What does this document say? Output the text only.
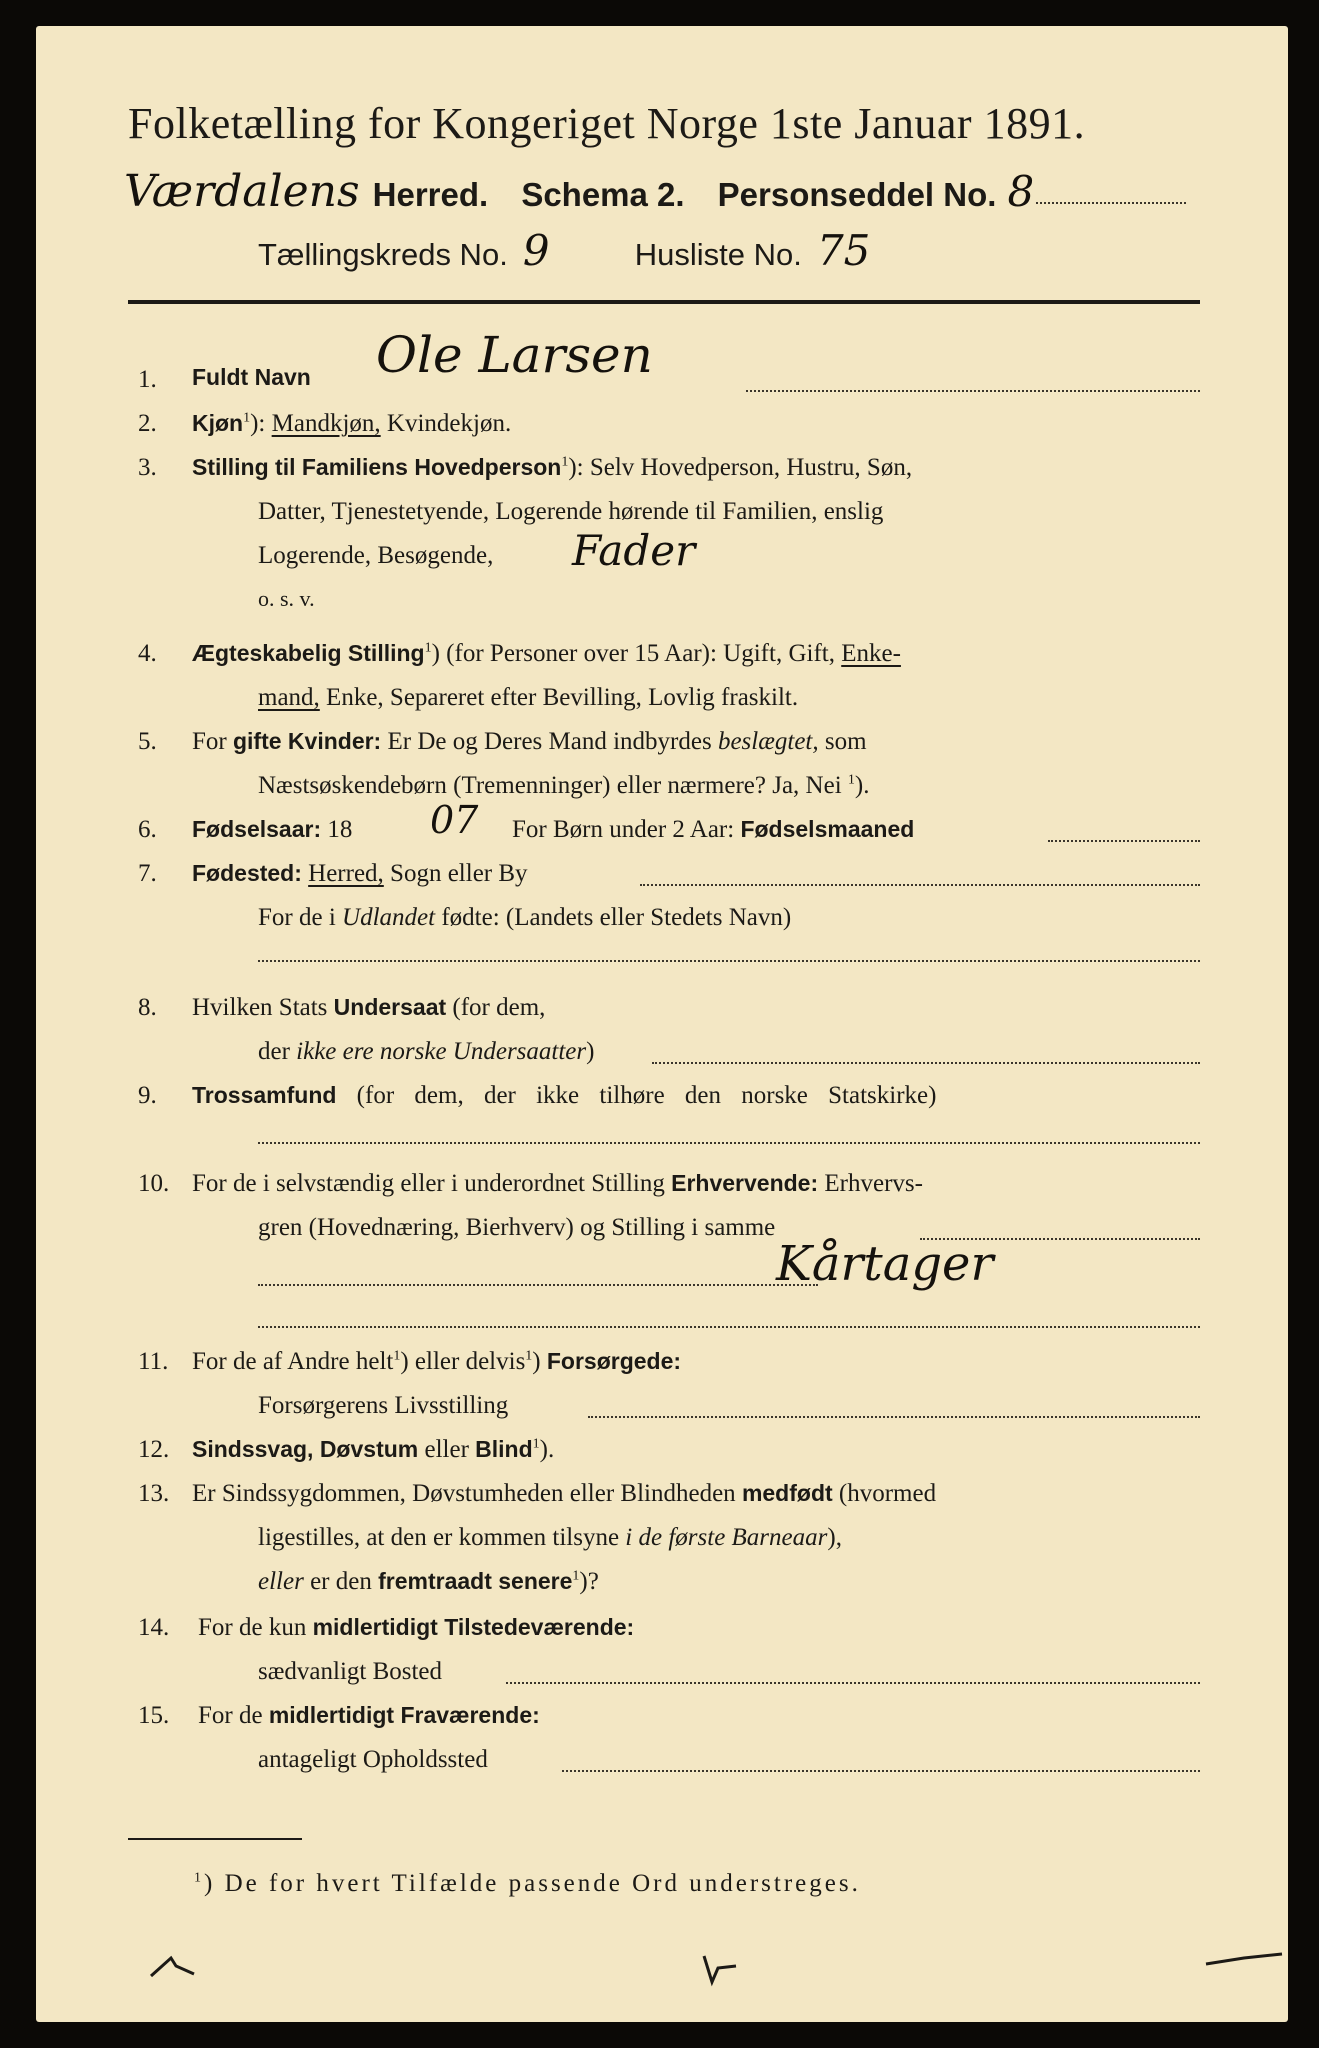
Folketælling for Kongeriget Norge 1ste Januar 1891.
Værdalens Herred. Schema 2. Personseddel No. 8
Tællingskreds No. 9	Husliste No. 75
1. Fuldt Navn Ole Larsen
2. Kjøn$^1$): Mandkjøn, Kvindekjøn.
3. Stilling til Familiens Hovedperson$^1$): Selv Hovedperson, Hustru, Søn,
Datter, Tjenestetyende, Logerende hørende til Familien, enslig
Logerende, Besøgende, Fader
o. s. v.
4. Ægteskabelig Stilling$^1$) (for Personer over 15 Aar): Ugift, Gift, Enke-
mand, Enke, Separeret efter Bevilling, Lovlig fraskilt.
5. For gifte Kvinder: Er De og Deres Mand indbyrdes beslægtet, som
Næstsøskendebørn (Tremenninger) eller nærmere? Ja, Nei $^1$).
6. Fødselsaar: 18 07 For Børn under 2 Aar: Fødselsmaaned
7. Fødested: Herred, Sogn eller By
For de i Udlandet fødte: (Landets eller Stedets Navn)
8. Hvilken Stats Undersaat (for dem,
der ikke ere norske Undersaatter)
9. Trossamfund (for dem, der ikke tilhøre den norske Statskirke)
10. For de i selvstændig eller i underordnet Stilling Erhvervende: Erhvervs-
gren (Hovednæring, Bierhverv) og Stilling i samme
Kårtager
11. For de af Andre helt$^1$) eller delvis$^1$) Forsørgede:
Forsørgerens Livsstilling
12. Sindssvag, Døvstum eller Blind$^1$).
13. Er Sindssygdommen, Døvstumheden eller Blindheden medfødt (hvormed
ligestilles, at den er kommen tilsyne i de første Barneaar),
eller er den fremtraadt senere$^1$)?
14. For de kun midlertidigt Tilstedeværende:
sædvanligt Bosted
15. For de midlertidigt Fraværende:
antageligt Opholdssted
$^1$) De for hvert Tilfælde passende Ord understreges.
